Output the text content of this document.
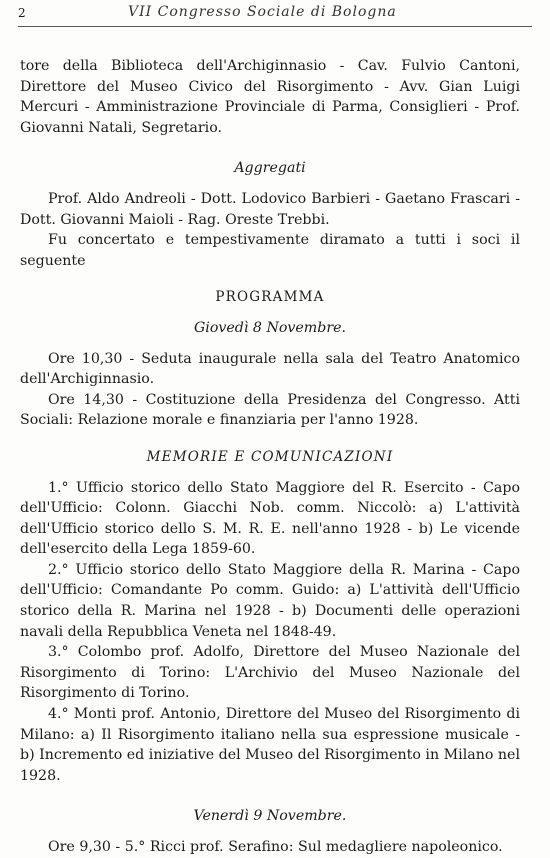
2	VII Congresso Sociale di Bologna

tore della Biblioteca dell'Archiginnasio - Cav. Fulvio Cantoni, Direttore del Museo Civico del Risorgimento - Avv. Gian Luigi Mercuri - Amministrazione Provinciale di Parma, Consiglieri - Prof. Giovanni Natali, Segretario.

Aggregati

Prof. Aldo Andreoli - Dott. Lodovico Barbieri - Gaetano Frascari - Dott. Giovanni Maioli - Rag. Oreste Trebbi.

Fu concertato e tempestivamente diramato a tutti i soci il seguente

PROGRAMMA

Giovedì 8 Novembre.

Ore 10,30 - Seduta inaugurale nella sala del Teatro Anatomico dell'Archiginnasio.

Ore 14,30 - Costituzione della Presidenza del Congresso. Atti Sociali: Relazione morale e finanziaria per l'anno 1928.

MEMORIE E COMUNICAZIONI

1.° Ufficio storico dello Stato Maggiore del R. Esercito - Capo dell'Ufficio: Colonn. Giacchi Nob. comm. Niccolò: a) L'attività dell'Ufficio storico dello S. M. R. E. nell'anno 1928 - b) Le vicende dell'esercito della Lega 1859-60.

2.° Ufficio storico dello Stato Maggiore della R. Marina - Capo dell'Ufficio: Comandante Po comm. Guido: a) L'attività dell'Ufficio storico della R. Marina nel 1928 - b) Documenti delle operazioni navali della Repubblica Veneta nel 1848-49.

3.° Colombo prof. Adolfo, Direttore del Museo Nazionale del Risorgimento di Torino: L'Archivio del Museo Nazionale del Risorgimento di Torino.

4.° Monti prof. Antonio, Direttore del Museo del Risorgimento di Milano: a) Il Risorgimento italiano nella sua espressione musicale - b) Incremento ed iniziative del Museo del Risorgimento in Milano nel 1928.

Venerdì 9 Novembre.

Ore 9,30 - 5.° Ricci prof. Serafino: Sul medagliere napoleonico.
